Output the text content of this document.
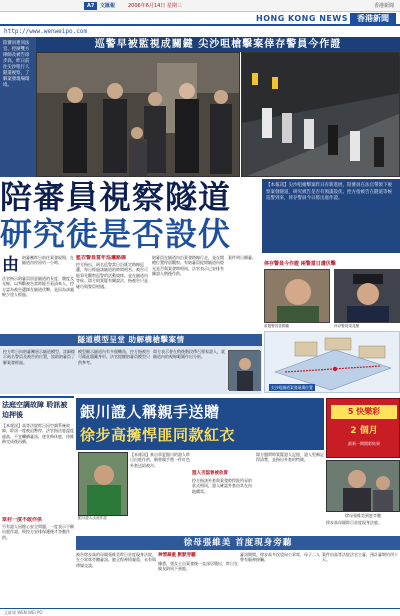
A7	文匯報	2006年6月14日 星期三	香港新聞
HONG KONG NEWS	香港新聞
http://www.wenweipo.com
陪審員連同法官、控辯雙方律師及被告徐步高，昨日前往尖沙咀行人隧道視察，了解案發現場環境。
巡警早被監視成關鍵 尖沙咀槍擊案倖存警員今作證
陪審員視察隧道
研究徒是否設伏
【本報訊】尖沙咀槍擊案昨日有新進展，陪審員在法官帶領下視察案發隧道，研究被告是否有預謀設伏。控方指被告在隧道等候巡警到來，倖存警員今日將出庭作證。
由 陪審團昨日前往案發現場，在隧道內停留約一小時。
法官指示陪審員留意隧道的長度、闊度及光線，以判斷被告當時能否看清來人。控方認為被告選擇在隧道伏擊，是因為該處較少途人經過。
藍衣警員當年巡邏路線
控方指出，兩名巡警當日沿既定路線巡邏，每日經過該隧道的時間相若。被告可能事先觀察巡警的活動規律，並在隧道內等候。辯方則質疑有關說法，指被告只是碰巧與警員相遇。
陪審員在隧道內沿案發路線行走，並在開槍位置停留觀察。有陪審員提問隧道內燈光是否與案發時相同，法官表示已安排有關證人稍後作供。
案件明日續審。
倖存警員今作證 兩警當日遭伏擊
被殺警員曾國衛	倖存警員梁兆樂
尖沙咀隧道案發現場位置
隧道模型呈堂 助解構槍擊案情
控方昨日向陪審團展示隧道模型，詳細標示兩名警員及被告的位置，協助陪審員了解案發經過。
模型顯示隧道內有多個轉角，控方指被告可藉此隱藏身形。法官提醒陪審員模型只供參考。
辯方表示會在稍後階段傳召專家證人，就隧道內的視線範圍作出分析。
法庭空調故障 聆訊被迫押後
【本報訊】高等法院昨日因空調系統故障，聆訊一度被迫暫停。法官指法庭溫度過高，不宜繼續審訊，遂宣佈休庭，待維修完成後再續。
眾村一度不敢作供
另有證人因擔心安全問題，一度表示不願出庭作證，經控方安排保護後才答應作供。
銀川證人稱親手送贈
徐步高擁悍匪同款紅衣
銀川證人出庭作證
【本報訊】來自寧夏銀川的證人昨日出庭作供，稱曾親手將一件紅色外套送給被告。
控方指該外套與案發時悍匪所穿的款式相同，證人確認外套由其在內地購買。
證人否認曾被收買
辯方盤問時質疑證人記憶，證人堅稱記得清楚，並指出外套的特徵。
5 快樂彩
2 個月
最新一期開彩結果
徐母張維美到庭旁聽
徐步高母親昨日首度現身法庭。
徐母張維美 首度現身旁聽
被告徐步高的母親張維美昨日首度現身法院，在公眾席旁聽審訊。她全程神情凝重，未有與傳媒交談。	據悉，張女士自案發後一直深居簡出，昨日在親友陪同下到庭。
神情凝重 默默旁聽	審訊期間，徐步高多次望向公眾席，母子二人曾有眼神接觸。
案件由高等法院法官主審，預計審期約四十天。
文匯報 WEN WEI PO
